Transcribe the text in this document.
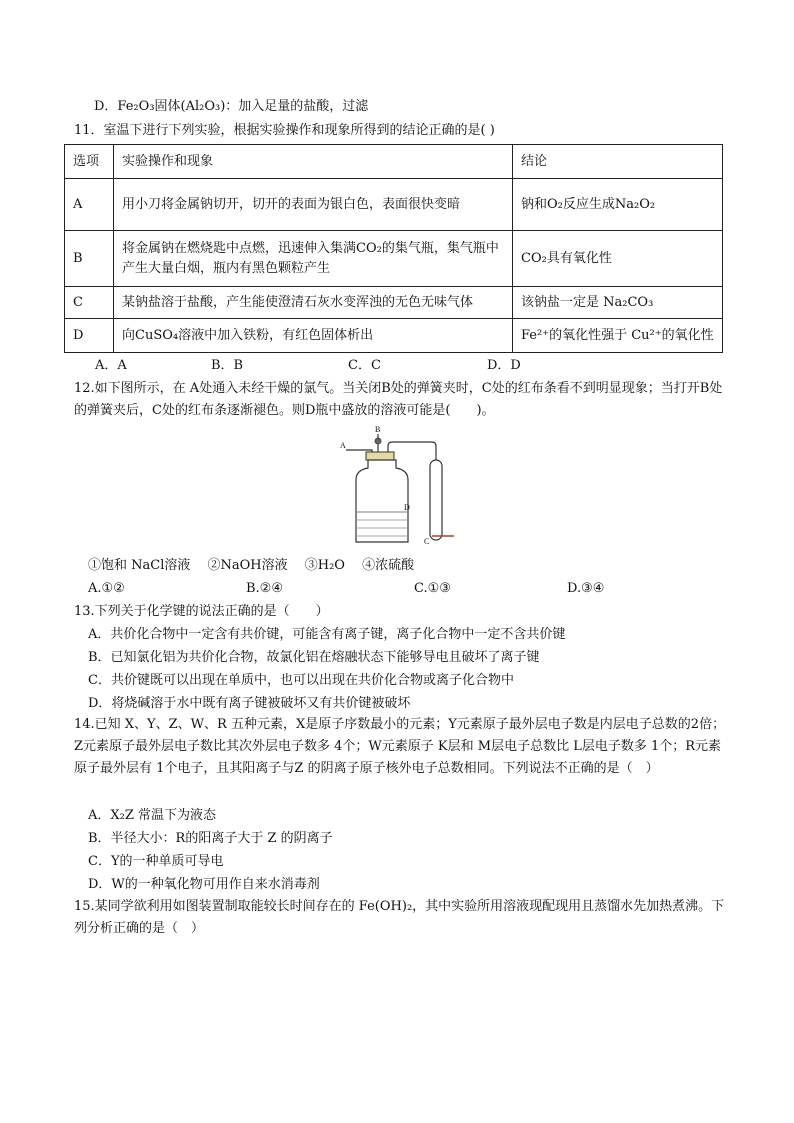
D．Fe₂O₃固体(Al₂O₃)：加入足量的盐酸，过滤
11．室温下进行下列实验，根据实验操作和现象所得到的结论正确的是( )
选项	实验操作和现象	结论
A	用小刀将金属钠切开，切开的表面为银白色，表面很快变暗	钠和O₂反应生成Na₂O₂
B	将金属钠在燃烧匙中点燃，迅速伸入集满CO₂的集气瓶，集气瓶中产生大量白烟，瓶内有黑色颗粒产生	CO₂具有氧化性
C	某钠盐溶于盐酸，产生能使澄清石灰水变浑浊的无色无味气体	该钠盐一定是 Na₂CO₃
D	向CuSO₄溶液中加入铁粉，有红色固体析出	Fe²⁺的氧化性强于 Cu²⁺的氧化性
A．A	B．B	C．C	D．D
12.如下图所示，在 A处通入未经干燥的氯气。当关闭B处的弹簧夹时，C处的红布条看不到明显现象；当打开B处的弹簧夹后，C处的红布条逐渐褪色。则D瓶中盛放的溶液可能是(　　)。
A
B
C
D
①饱和 NaCl溶液　 ②NaOH溶液　 ③H₂O　 ④浓硫酸
A.①②	B.②④	C.①③	D.③④
13.下列关于化学键的说法正确的是（　　）
A．共价化合物中一定含有共价键，可能含有离子键，离子化合物中一定不含共价键
B．已知氯化铝为共价化合物，故氯化铝在熔融状态下能够导电且破坏了离子键
C．共价键既可以出现在单质中，也可以出现在共价化合物或离子化合物中
D．将烧碱溶于水中既有离子键被破坏又有共价键被破坏
14.已知 X、Y、Z、W、R 五种元素，X是原子序数最小的元素；Y元素原子最外层电子数是内层电子总数的2倍；Z元素原子最外层电子数比其次外层电子数多 4个；W元素原子 K层和 M层电子总数比 L层电子数多 1个；R元素原子最外层有 1个电子，且其阳离子与Z 的阴离子原子核外电子总数相同。下列说法不正确的是（　）
A．X₂Z 常温下为液态
B．半径大小：R的阳离子大于 Z 的阴离子
C．Y的一种单质可导电
D．W的一种氧化物可用作自来水消毒剂
15.某同学欲利用如图装置制取能较长时间存在的 Fe(OH)₂，其中实验所用溶液现配现用且蒸馏水先加热煮沸。下列分析正确的是（　）
